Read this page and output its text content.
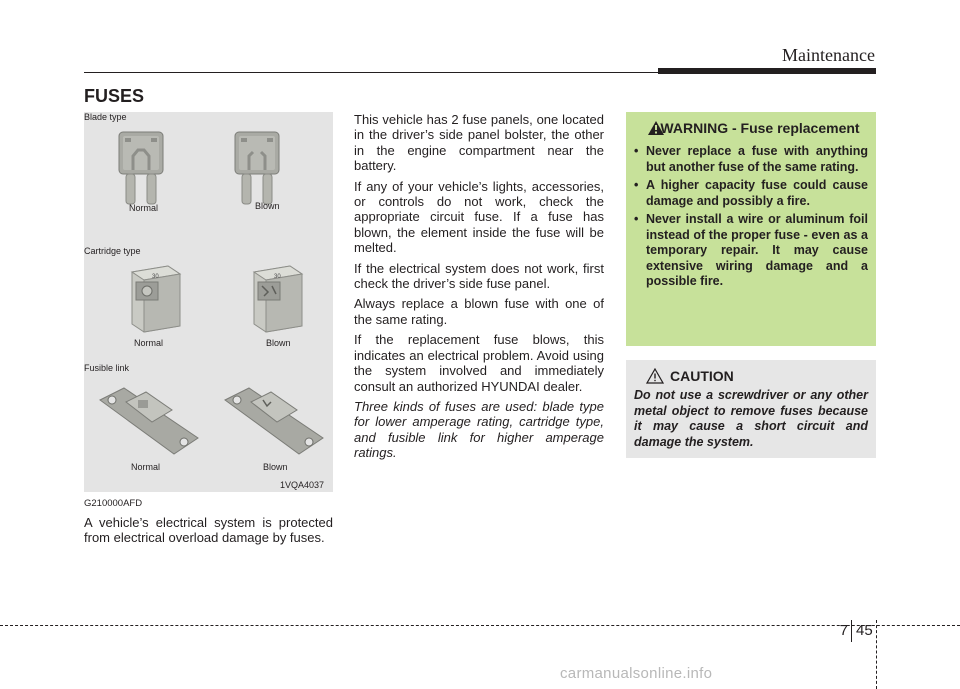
Maintenance
FUSES
Blade type
Normal	Blown
Cartridge type
30
Normal
30
Blown
Fusible link
Normal	Blown
1VQA4037
G210000AFD
A vehicle’s electrical system is protected from electrical overload damage by fuses.

This vehicle has 2 fuse panels, one located in the driver’s side panel bolster, the other in the engine compartment near the battery.

If any of your vehicle’s lights, accessories, or controls do not work, check the appropriate circuit fuse. If a fuse has blown, the element inside the fuse will be melted.

If the electrical system does not work, first check the driver’s side fuse panel.

Always replace a blown fuse with one of the same rating.

If the replacement fuse blows, this indicates an electrical problem. Avoid using the system involved and immediately consult an authorized HYUNDAI dealer.

Three kinds of fuses are used: blade type for lower amperage rating, cartridge type, and fusible link for higher amperage ratings.

WARNING - Fuse replacement
• Never replace a fuse with anything but another fuse of the same rating.
• A higher capacity fuse could cause damage and possibly a fire.
• Never install a wire or aluminum foil instead of the proper fuse - even as a temporary repair. It may cause extensive wiring damage and a possible fire.
CAUTION
Do not use a screwdriver or any other metal object to remove fuses because it may cause a short circuit and damage the system.
7 45
carmanualsonline.info
